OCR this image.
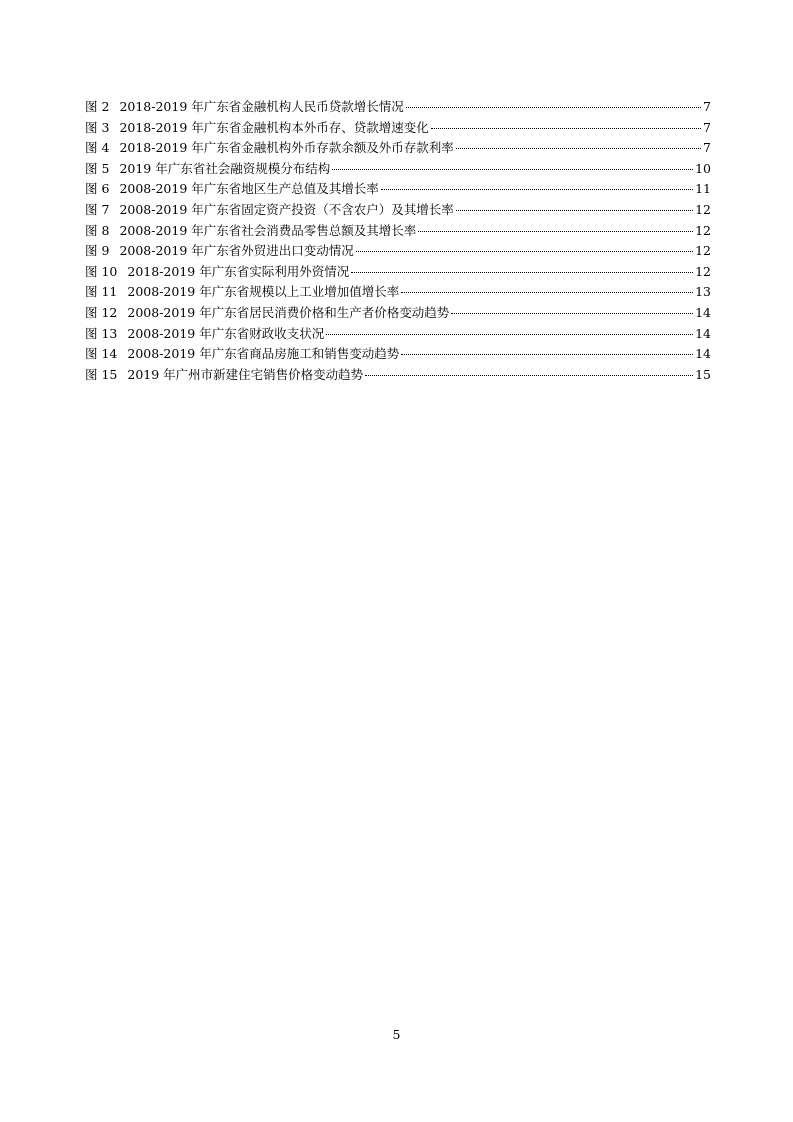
图 2 2018-2019 年广东省金融机构人民币贷款增长情况	7
图 3 2018-2019 年广东省金融机构本外币存、贷款增速变化	7
图 4 2018-2019 年广东省金融机构外币存款余额及外币存款利率	7
图 5 2019 年广东省社会融资规模分布结构	10
图 6 2008-2019 年广东省地区生产总值及其增长率	11
图 7 2008-2019 年广东省固定资产投资（不含农户）及其增长率	12
图 8 2008-2019 年广东省社会消费品零售总额及其增长率	12
图 9 2008-2019 年广东省外贸进出口变动情况	12
图 10 2018-2019 年广东省实际利用外资情况	12
图 11 2008-2019 年广东省规模以上工业增加值增长率	13
图 12 2008-2019 年广东省居民消费价格和生产者价格变动趋势	14
图 13 2008-2019 年广东省财政收支状况	14
图 14 2008-2019 年广东省商品房施工和销售变动趋势	14
图 15 2019 年广州市新建住宅销售价格变动趋势	15
5
